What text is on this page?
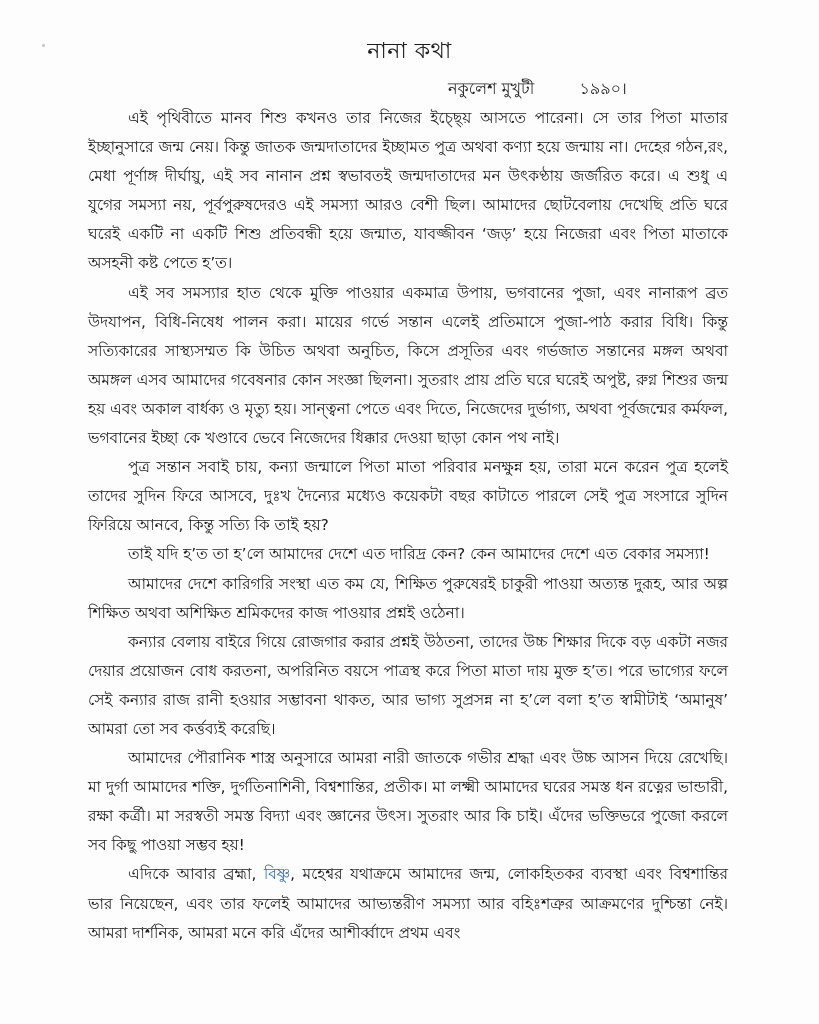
নানা কথা
নকুলেশ মুখুটী	১৯৯০।

এই পৃথিবীতে মানব শিশু কখনও তার নিজের ইচ্ছে্য় আসতে পারেনা। সে তার পিতা মাতার ইচ্ছানুসারে জন্ম নেয়। কিন্তু জাতক জন্মদাতাদের ইচ্ছামত পুত্র অথবা কণ্যা হয়ে জন্মায় না। দেহের গঠন,রং, মেধা পূর্ণাঙ্গ দীর্ঘায়ু, এই সব নানান প্রশ্ন স্বভাবতই জন্মদাতাদের মন উৎকণ্ঠায় জর্জরিত করে। এ শুধু এ যুগের সমস্যা নয়, পূর্বপুরুষদেরও এই সমস্যা আরও বেশী ছিল। আমাদের ছোটবেলায় দেখেছি প্রতি ঘরে ঘরেই একটি না একটি শিশু প্রতিবন্ধী হয়ে জন্মাত, যাবজ্জীবন ‘জড়’ হয়ে নিজেরা এবং পিতা মাতাকে অসহনী কষ্ট পেতে হ’ত।

এই সব সমস্যার হাত থেকে মুক্তি পাওয়ার একমাত্র উপায়, ভগবানের পুজা, এবং নানারূপ ব্রত উদযাপন, বিধি-নিষেধ পালন করা। মায়ের গর্ভে সন্তান এলেই প্রতিমাসে পুজা-পাঠ করার বিধি। কিন্তু সত্যিকারের সাস্থ্যসম্মত কি উচিত অথবা অনুচিত, কিসে প্রসূতির এবং গর্ভজাত সন্তানের মঙ্গল অথবা অমঙ্গল এসব আমাদের গবেষনার কোন সংজ্ঞা ছিলনা। সুতরাং প্রায় প্রতি ঘরে ঘরেই অপুষ্ট, রুগ্ন শিশুর জন্ম হয় এবং অকাল বার্ধক্য ও মৃত্যু হয়। সান্ত্বনা পেতে এবং দিতে, নিজেদের দুর্ভাগ্য, অথবা পূর্বজন্মের কর্মফল, ভগবানের ইচ্ছা কে খণ্ডাবে ভেবে নিজেদের ধিক্কার দেওয়া ছাড়া কোন পথ নাই।

পুত্র সন্তান সবাই চায়, কন্যা জন্মালে পিতা মাতা পরিবার মনক্ষুন্ন হয়, তারা মনে করেন পুত্র হলেই তাদের সুদিন ফিরে আসবে, দুঃখ দৈন্যের মধ্যেও কয়েকটা বছর কাটাতে পারলে সেই পুত্র সংসারে সুদিন ফিরিয়ে আনবে, কিন্তু সত্যি কি তাই হয়?

তাই যদি হ’ত তা হ’লে আমাদের দেশে এত দারিদ্র কেন? কেন আমাদের দেশে এত বেকার সমস্যা!

আমাদের দেশে কারিগরি সংস্থা এত কম যে, শিক্ষিত পুরুষেরই চাকুরী পাওয়া অত্যন্ত দুরূহ, আর অল্প শিক্ষিত অথবা অশিক্ষিত শ্রমিকদের কাজ পাওয়ার প্রশ্নই ওঠেনা।

কন্যার বেলায় বাইরে গিয়ে রোজগার করার প্রশ্নই উঠতনা, তাদের উচ্চ শিক্ষার দিকে বড় একটা নজর দেয়ার প্রয়োজন বোধ করতনা, অপরিনিত বয়সে পাত্রস্থ করে পিতা মাতা দায় মুক্ত হ’ত। পরে ভাগ্যের ফলে সেই কন্যার রাজ রানী হওয়ার সম্ভাবনা থাকত, আর ভাগ্য সুপ্রসন্ন না হ’লে বলা হ’ত স্বামীটাই ‘অমানুষ’ আমরা তো সব কর্ত্তব্যই করেছি।

আমাদের পৌরানিক শাস্ত্র অনুসারে আমরা নারী জাতকে গভীর শ্রদ্ধা এবং উচ্চ আসন দিয়ে রেখেছি। মা দুর্গা আমাদের শক্তি, দুর্গতিনাশিনী, বিশ্বশান্তির, প্রতীক। মা লক্ষ্মী আমাদের ঘরের সমস্ত ধন রত্নের ভান্ডারী, রক্ষা কর্ত্রী। মা সরস্বতী সমস্ত বিদ্যা এবং জ্ঞানের উৎস। সুতরাং আর কি চাই। এঁদের ভক্তিভরে পুজো করলে সব কিছু পাওয়া সম্ভব হয়!

এদিকে আবার ব্রহ্মা, বিষ্ণু, মহেশ্বর যথাক্রমে আমাদের জন্ম, লোকহিতকর ব্যবস্থা এবং বিশ্বশান্তির ভার নিয়েছেন, এবং তার ফলেই আমাদের আভ্যন্তরীণ সমস্যা আর বহিঃশত্রুর আক্রমণের দুশ্চিন্তা নেই। আমরা দার্শনিক, আমরা মনে করি এঁদের আশীর্ব্বাদে প্রথম এবং
